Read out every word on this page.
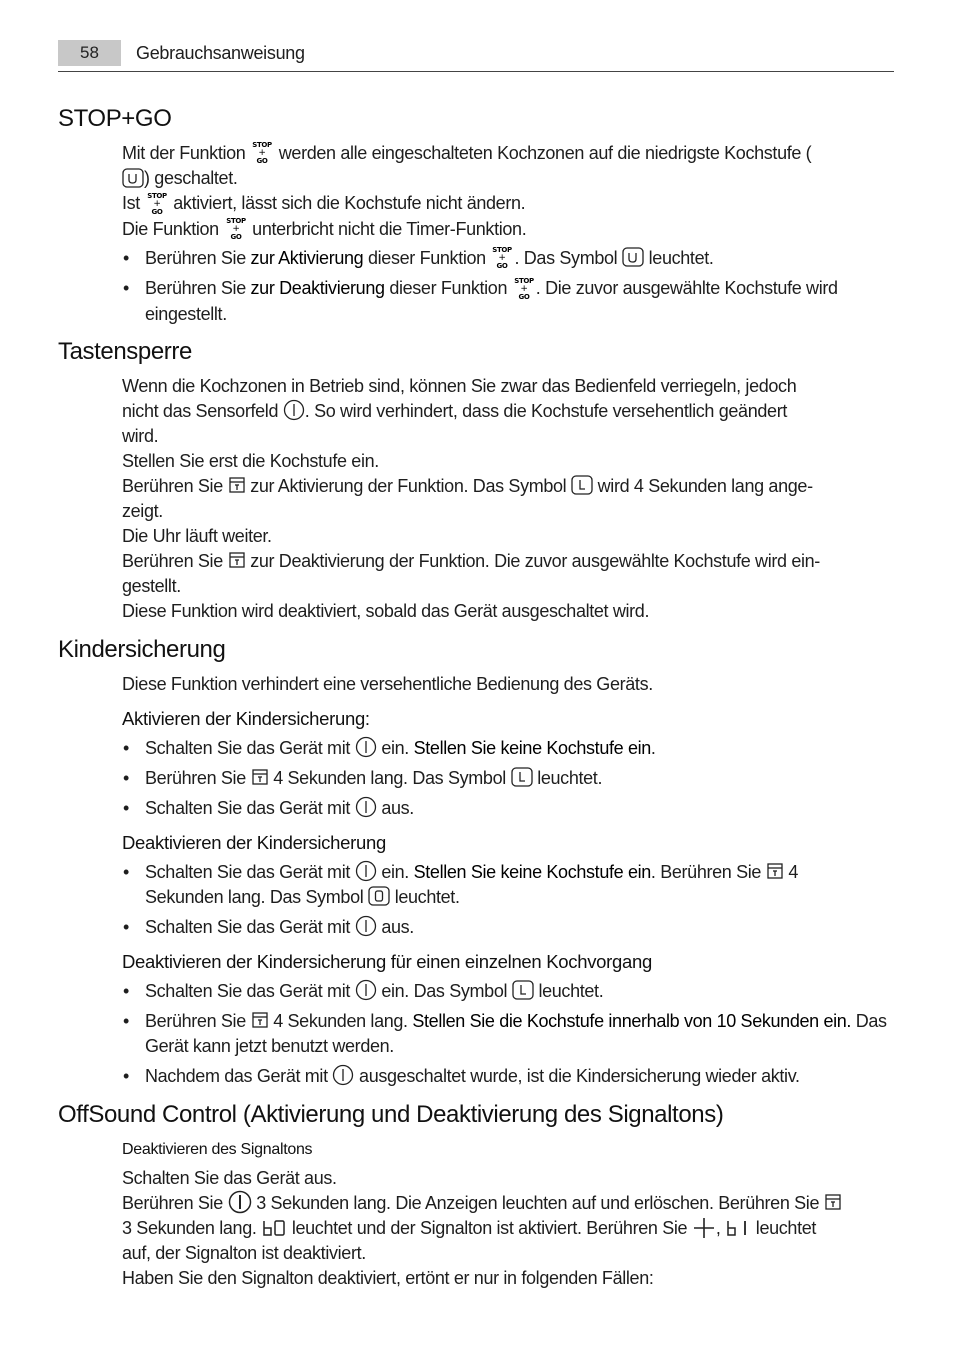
58	Gebrauchsanweisung
STOP+GO
Mit der Funktion STOP
+
GO werden alle eingeschalteten Kochzonen auf die niedrigste Kochstufe (
) geschaltet.
Ist STOP
+
GO aktiviert, lässt sich die Kochstufe nicht ändern.
Die Funktion STOP
+
GO unterbricht nicht die Timer-Funktion.
• Berühren Sie zur Aktivierung dieser Funktion STOP
+
GO . Das Symbol leuchtet.
• Berühren Sie zur Deaktivierung dieser Funktion STOP
+
GO . Die zuvor ausgewählte Kochstufe wird eingestellt.
Tastensperre
Wenn die Kochzonen in Betrieb sind, können Sie zwar das Bedienfeld verriegeln, jedoch
nicht das Sensorfeld . So wird verhindert, dass die Kochstufe versehentlich geändert
wird.
Stellen Sie erst die Kochstufe ein.
Berühren Sie zur Aktivierung der Funktion. Das Symbol wird 4 Sekunden lang ange-
zeigt.
Die Uhr läuft weiter.
Berühren Sie zur Deaktivierung der Funktion. Die zuvor ausgewählte Kochstufe wird ein-
gestellt.
Diese Funktion wird deaktiviert, sobald das Gerät ausgeschaltet wird.
Kindersicherung
Diese Funktion verhindert eine versehentliche Bedienung des Geräts.
Aktivieren der Kindersicherung:
• Schalten Sie das Gerät mit ein. Stellen Sie keine Kochstufe ein.
• Berühren Sie 4 Sekunden lang. Das Symbol leuchtet.
• Schalten Sie das Gerät mit aus.
Deaktivieren der Kindersicherung
• Schalten Sie das Gerät mit ein. Stellen Sie keine Kochstufe ein. Berühren Sie 4
Sekunden lang. Das Symbol leuchtet.
• Schalten Sie das Gerät mit aus.
Deaktivieren der Kindersicherung für einen einzelnen Kochvorgang
• Schalten Sie das Gerät mit ein. Das Symbol leuchtet.
• Berühren Sie 4 Sekunden lang. Stellen Sie die Kochstufe innerhalb von 10 Sekunden ein. Das Gerät kann jetzt benutzt werden.
• Nachdem das Gerät mit ausgeschaltet wurde, ist die Kindersicherung wieder aktiv.
OffSound Control (Aktivierung und Deaktivierung des Signaltons)
Deaktivieren des Signaltons
Schalten Sie das Gerät aus.
Berühren Sie 3 Sekunden lang. Die Anzeigen leuchten auf und erlöschen. Berühren Sie
3 Sekunden lang. leuchtet und der Signalton ist aktiviert. Berühren Sie , leuchtet
auf, der Signalton ist deaktiviert.
Haben Sie den Signalton deaktiviert, ertönt er nur in folgenden Fällen:
